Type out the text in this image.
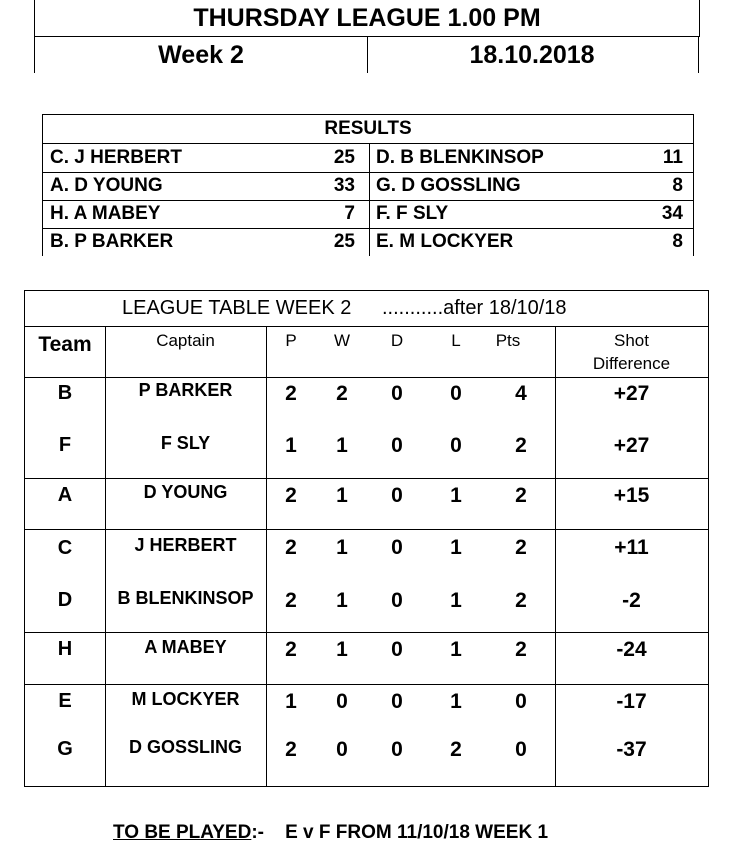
THURSDAY LEAGUE 1.00 PM
Week 2	18.10.2018
RESULTS
C. J HERBERT	25 D. B BLENKINSOP	11
A. D YOUNG	33 G. D GOSSLING	8
H. A MABEY	7 F. F SLY	34
B. P BARKER	25 E. M LOCKYER	8
LEAGUE TABLE WEEK 2 ...........after 18/10/18
Team	Captain	P	W	D	L	Pts	Shot
Difference
B	P BARKER	2	2	0	0	4	+27
F	F SLY	1	1	0	0	2	+27
A	D YOUNG	2	1	0	1	2	+15
C	J HERBERT	2	1	0	1	2	+11
D	B BLENKINSOP	2	1	0	1	2	-2
H	A MABEY	2	1	0	1	2	-24
E	M LOCKYER	1	0	0	1	0	-17
G	D GOSSLING	2	0	0	2	0	-37
TO BE PLAYED:-    E v F FROM 11/10/18 WEEK 1
